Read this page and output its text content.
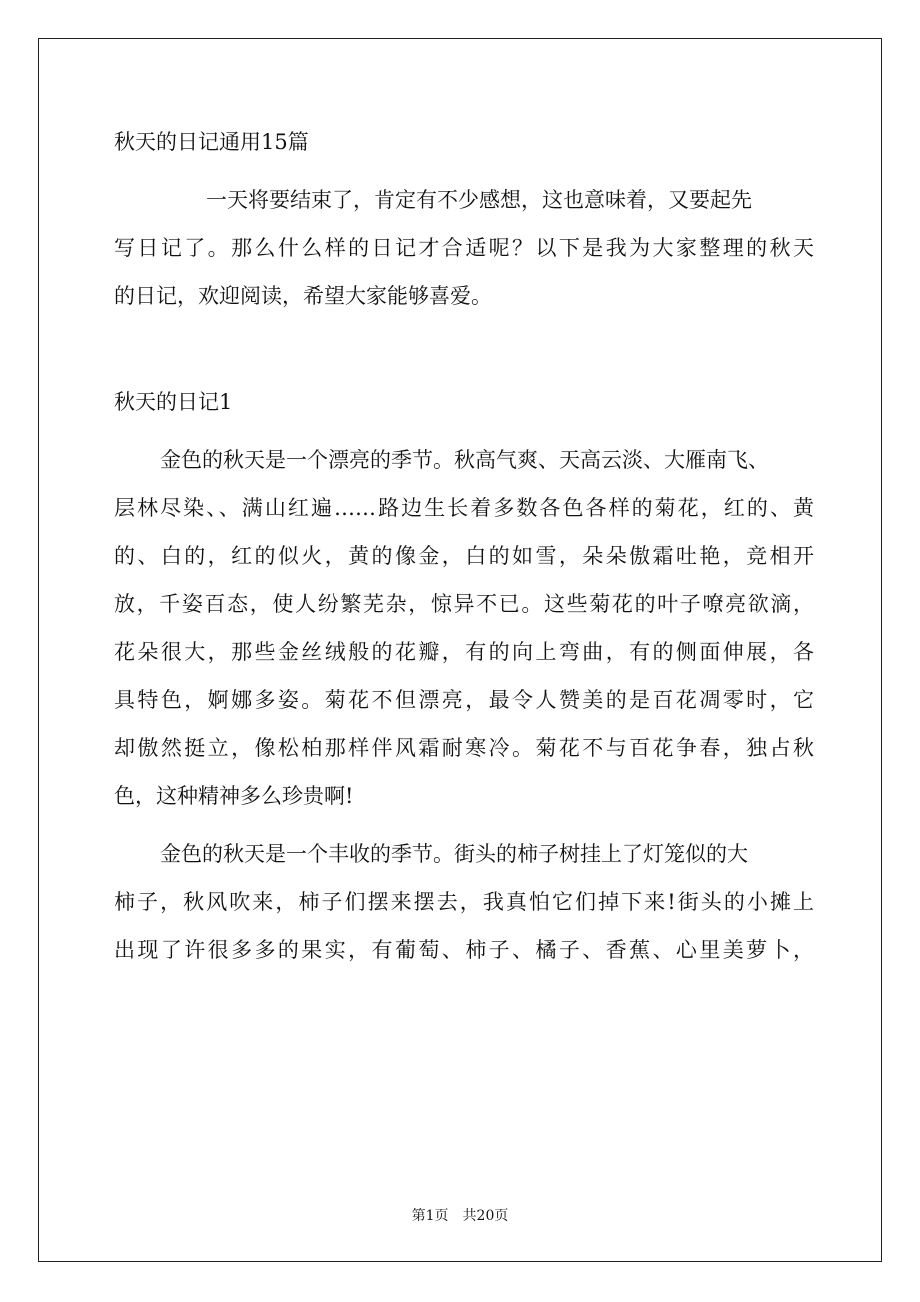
秋天的日记通用15篇
一天将要结束了，肯定有不少感想，这也意味着，又要起先
写日记了。那么什么样的日记才合适呢？以下是我为大家整理的秋天
的日记，欢迎阅读，希望大家能够喜爱。
秋天的日记1
金色的秋天是一个漂亮的季节。秋高气爽、天高云淡、大雁南飞、
层林尽染、、满山红遍……路边生长着多数各色各样的菊花，红的、黄
的、白的，红的似火，黄的像金，白的如雪，朵朵傲霜吐艳，竞相开
放，千姿百态，使人纷繁芜杂，惊异不已。这些菊花的叶子嘹亮欲滴，
花朵很大，那些金丝绒般的花瓣，有的向上弯曲，有的侧面伸展，各
具特色，婀娜多姿。菊花不但漂亮，最令人赞美的是百花凋零时，它
却傲然挺立，像松柏那样伴风霜耐寒冷。菊花不与百花争春，独占秋
色，这种精神多么珍贵啊!
金色的秋天是一个丰收的季节。街头的柿子树挂上了灯笼似的大
柿子，秋风吹来，柿子们摆来摆去，我真怕它们掉下来!街头的小摊上
出现了许很多多的果实，有葡萄、柿子、橘子、香蕉、心里美萝卜，
第1页　共20页
